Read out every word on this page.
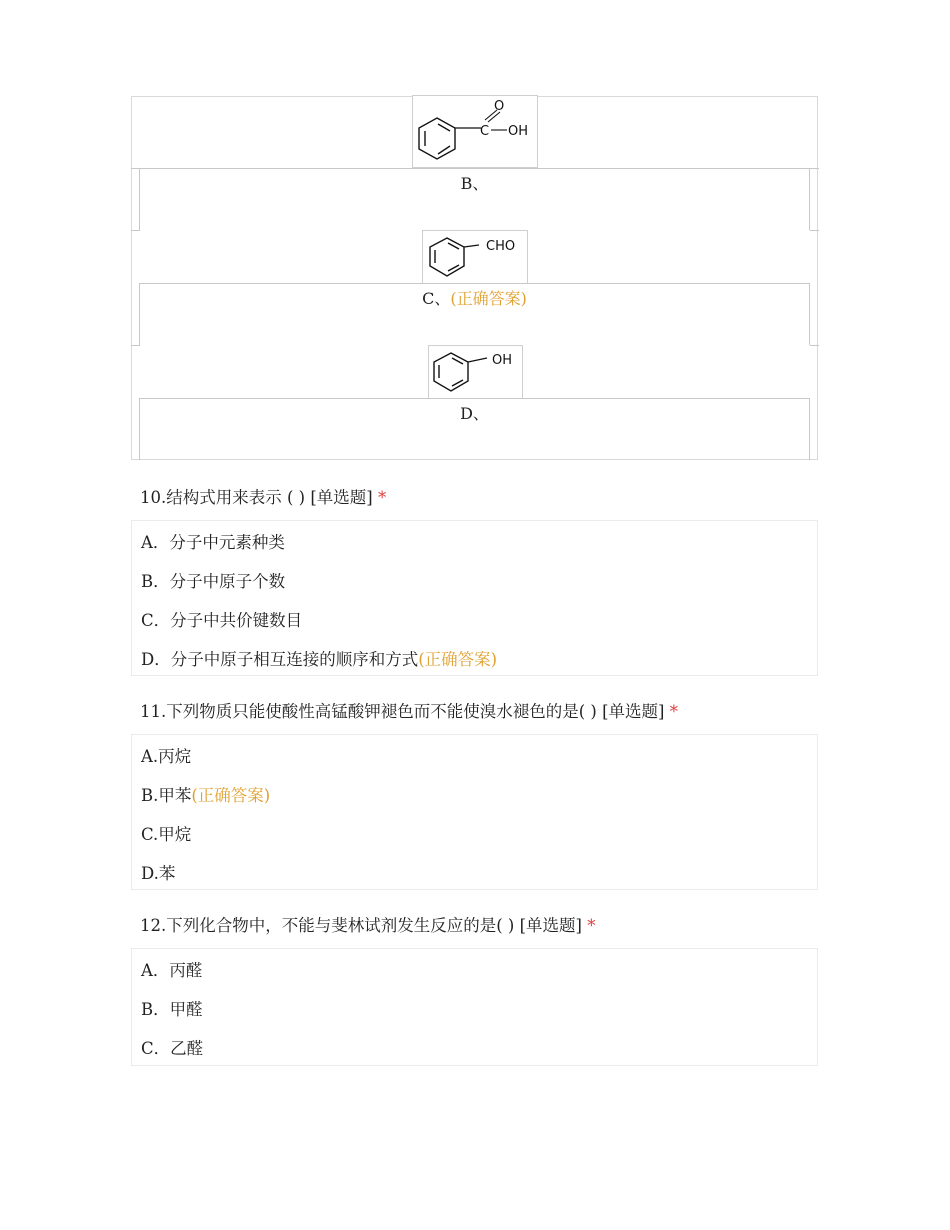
O
C OH
B、
CHO
C、(正确答案)
OH
D、
10.结构式用来表示 ( ) [单选题] *
A．分子中元素种类
B．分子中原子个数
C．分子中共价键数目
D．分子中原子相互连接的顺序和方式(正确答案)
11.下列物质只能使酸性高锰酸钾褪色而不能使溴水褪色的是( ) [单选题] *
A.丙烷
B.甲苯(正确答案)
C.甲烷
D.苯
12.下列化合物中，不能与斐林试剂发生反应的是( ) [单选题] *
A．丙醛
B．甲醛
C．乙醛
